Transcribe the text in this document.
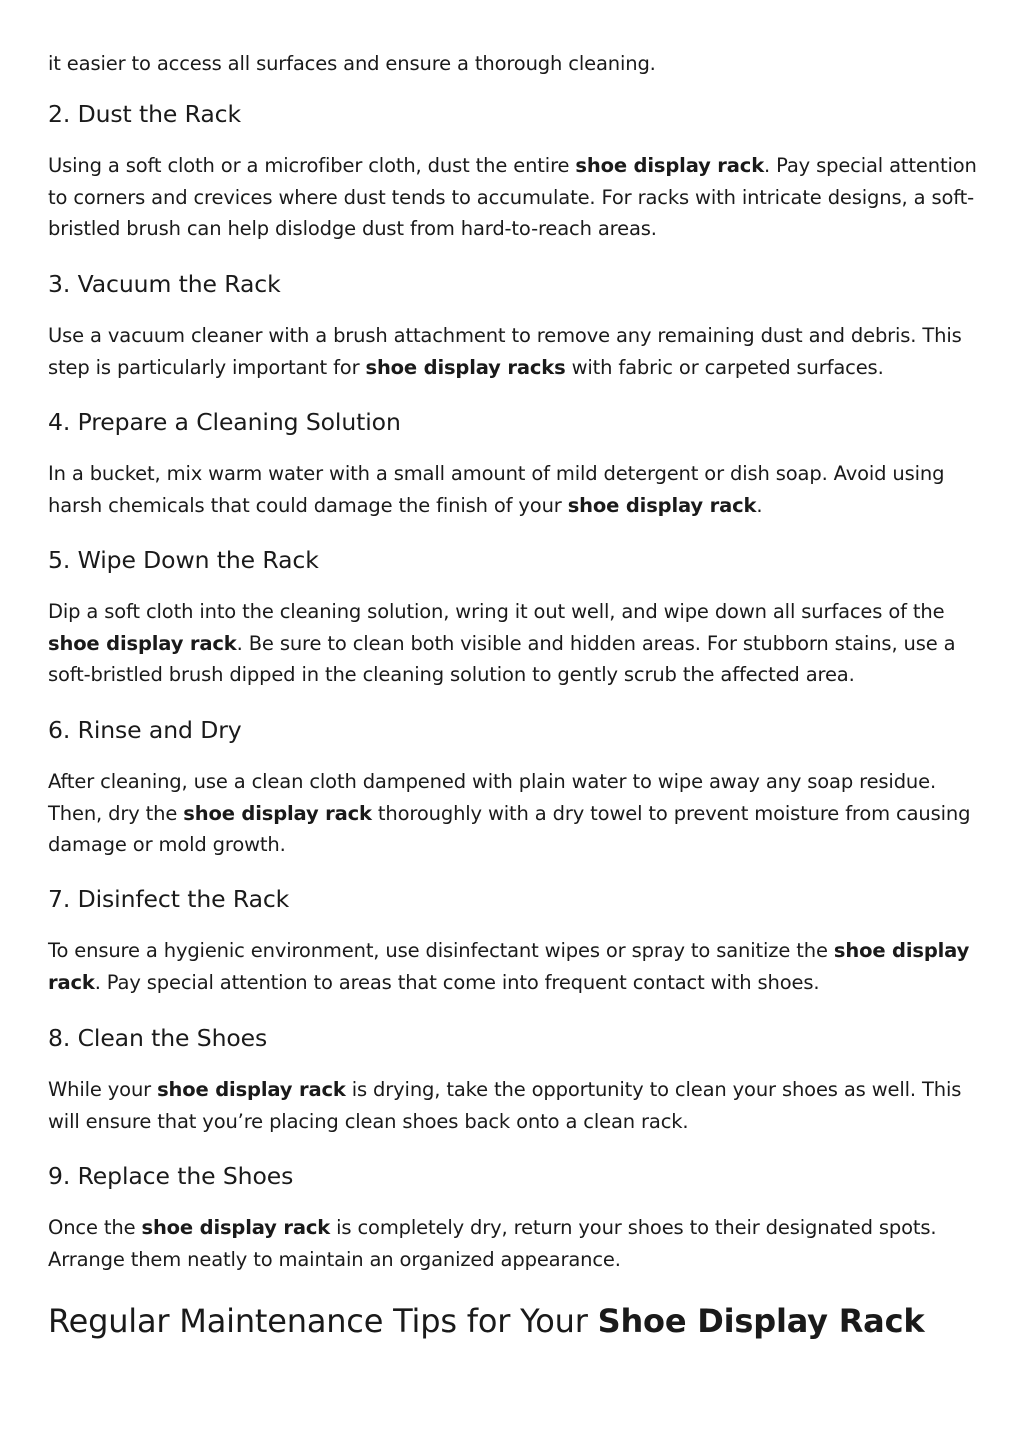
it easier to access all surfaces and ensure a thorough cleaning.

2. Dust the Rack

Using a soft cloth or a microfiber cloth, dust the entire shoe display rack. Pay special attention to corners and crevices where dust tends to accumulate. For racks with intricate designs, a soft-bristled brush can help dislodge dust from hard-to-reach areas.

3. Vacuum the Rack

Use a vacuum cleaner with a brush attachment to remove any remaining dust and debris. This step is particularly important for shoe display racks with fabric or carpeted surfaces.

4. Prepare a Cleaning Solution

In a bucket, mix warm water with a small amount of mild detergent or dish soap. Avoid using harsh chemicals that could damage the finish of your shoe display rack.

5. Wipe Down the Rack

Dip a soft cloth into the cleaning solution, wring it out well, and wipe down all surfaces of the shoe display rack. Be sure to clean both visible and hidden areas. For stubborn stains, use a soft-bristled brush dipped in the cleaning solution to gently scrub the affected area.

6. Rinse and Dry

After cleaning, use a clean cloth dampened with plain water to wipe away any soap residue. Then, dry the shoe display rack thoroughly with a dry towel to prevent moisture from causing damage or mold growth.

7. Disinfect the Rack

To ensure a hygienic environment, use disinfectant wipes or spray to sanitize the shoe display rack. Pay special attention to areas that come into frequent contact with shoes.

8. Clean the Shoes

While your shoe display rack is drying, take the opportunity to clean your shoes as well. This will ensure that you’re placing clean shoes back onto a clean rack.

9. Replace the Shoes

Once the shoe display rack is completely dry, return your shoes to their designated spots. Arrange them neatly to maintain an organized appearance.

Regular Maintenance Tips for Your Shoe Display Rack
